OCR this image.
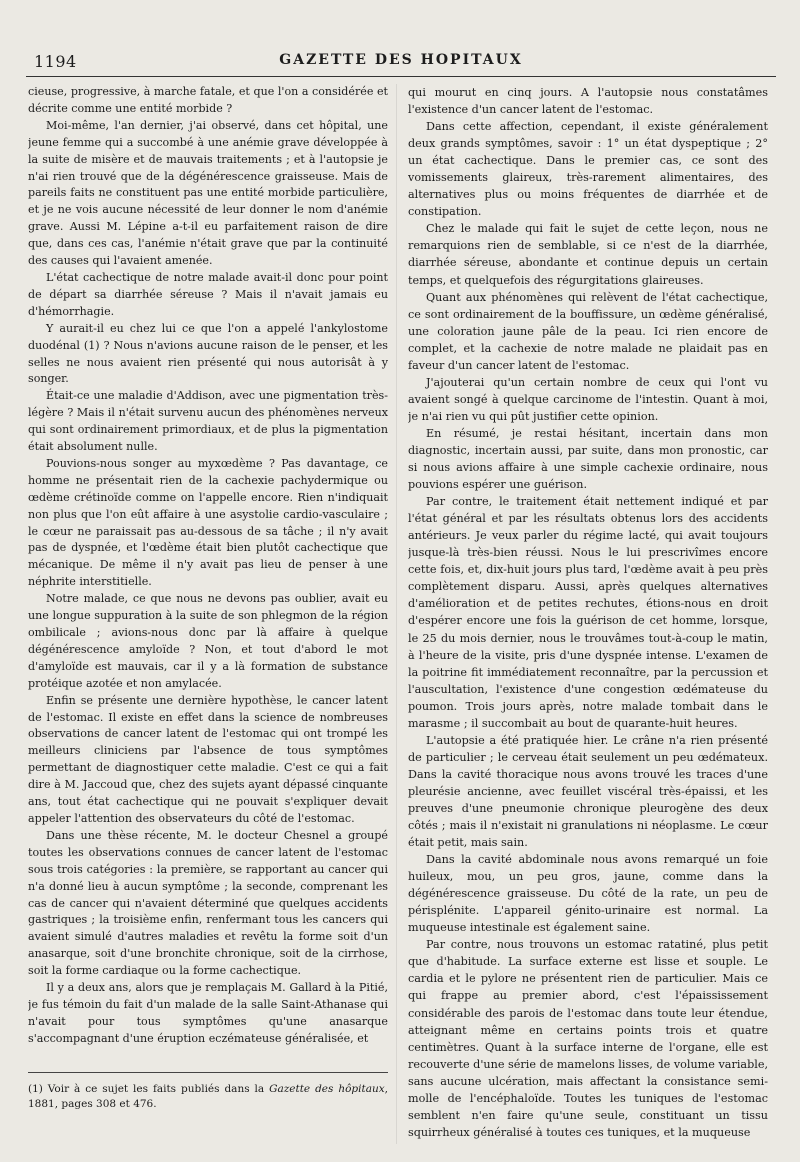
1194	GAZETTE DES HOPITAUX

cieuse, progressive, à marche fatale, et que l'on a considérée et décrite comme une entité morbide ?

Moi-même, l'an dernier, j'ai observé, dans cet hôpital, une jeune femme qui a succombé à une anémie grave développée à la suite de misère et de mauvais traitements ; et à l'autopsie je n'ai rien trouvé que de la dégénérescence graisseuse. Mais de pareils faits ne constituent pas une entité morbide particulière, et je ne vois aucune nécessité de leur donner le nom d'anémie grave. Aussi M. Lépine a-t-il eu parfaitement raison de dire que, dans ces cas, l'anémie n'était grave que par la continuité des causes qui l'avaient amenée.

L'état cachectique de notre malade avait-il donc pour point de départ sa diarrhée séreuse ? Mais il n'avait jamais eu d'hémorrhagie.

Y aurait-il eu chez lui ce que l'on a appelé l'ankylostome duodénal (1) ? Nous n'avions aucune raison de le penser, et les selles ne nous avaient rien présenté qui nous autorisât à y songer.

Était-ce une maladie d'Addison, avec une pigmentation très-légère ? Mais il n'était survenu aucun des phénomènes nerveux qui sont ordinairement primordiaux, et de plus la pigmentation était absolument nulle.

Pouvions-nous songer au myxœdème ? Pas davantage, ce homme ne présentait rien de la cachexie pachydermique ou œdème crétinoïde comme on l'appelle encore. Rien n'indiquait non plus que l'on eût affaire à une asystolie cardio-vasculaire ; le cœur ne paraissait pas au-dessous de sa tâche ; il n'y avait pas de dyspnée, et l'œdème était bien plutôt cachectique que mécanique. De même il n'y avait pas lieu de penser à une néphrite interstitielle.

Notre malade, ce que nous ne devons pas oublier, avait eu une longue suppuration à la suite de son phlegmon de la région ombilicale ; avions-nous donc par là affaire à quelque dégénérescence amyloïde ? Non, et tout d'abord le mot d'amyloïde est mauvais, car il y a là formation de substance protéique azotée et non amylacée.

Enfin se présente une dernière hypothèse, le cancer latent de l'estomac. Il existe en effet dans la science de nombreuses observations de cancer latent de l'estomac qui ont trompé les meilleurs cliniciens par l'absence de tous symptômes permettant de diagnostiquer cette maladie. C'est ce qui a fait dire à M. Jaccoud que, chez des sujets ayant dépassé cinquante ans, tout état cachectique qui ne pouvait s'expliquer devait appeler l'attention des observateurs du côté de l'estomac.

Dans une thèse récente, M. le docteur Chesnel a groupé toutes les observations connues de cancer latent de l'estomac sous trois catégories : la première, se rapportant au cancer qui n'a donné lieu à aucun symptôme ; la seconde, comprenant les cas de cancer qui n'avaient déterminé que quelques accidents gastriques ; la troisième enfin, renfermant tous les cancers qui avaient simulé d'autres maladies et revêtu la forme soit d'un anasarque, soit d'une bronchite chronique, soit de la cirrhose, soit la forme cardiaque ou la forme cachectique.

Il y a deux ans, alors que je remplaçais M. Gallard à la Pitié, je fus témoin du fait d'un malade de la salle Saint-Athanase qui n'avait pour tous symptômes qu'une anasarque s'accompagnant d'une éruption eczémateuse généralisée, et

(1) Voir à ce sujet les faits publiés dans la Gazette des hôpitaux, 1881, pages 308 et 476.

qui mourut en cinq jours. A l'autopsie nous constatâmes l'existence d'un cancer latent de l'estomac.

Dans cette affection, cependant, il existe généralement deux grands symptômes, savoir : 1° un état dyspeptique ; 2° un état cachectique. Dans le premier cas, ce sont des vomissements glaireux, très-rarement alimentaires, des alternatives plus ou moins fréquentes de diarrhée et de constipation.

Chez le malade qui fait le sujet de cette leçon, nous ne remarquions rien de semblable, si ce n'est de la diarrhée, diarrhée séreuse, abondante et continue depuis un certain temps, et quelquefois des régurgitations glaireuses.

Quant aux phénomènes qui relèvent de l'état cachectique, ce sont ordinairement de la bouffissure, un œdème généralisé, une coloration jaune pâle de la peau. Ici rien encore de complet, et la cachexie de notre malade ne plaidait pas en faveur d'un cancer latent de l'estomac.

J'ajouterai qu'un certain nombre de ceux qui l'ont vu avaient songé à quelque carcinome de l'intestin. Quant à moi, je n'ai rien vu qui pût justifier cette opinion.

En résumé, je restai hésitant, incertain dans mon diagnostic, incertain aussi, par suite, dans mon pronostic, car si nous avions affaire à une simple cachexie ordinaire, nous pouvions espérer une guérison.

Par contre, le traitement était nettement indiqué et par l'état général et par les résultats obtenus lors des accidents antérieurs. Je veux parler du régime lacté, qui avait toujours jusque-là très-bien réussi. Nous le lui prescrivîmes encore cette fois, et, dix-huit jours plus tard, l'œdème avait à peu près complètement disparu. Aussi, après quelques alternatives d'amélioration et de petites rechutes, étions-nous en droit d'espérer encore une fois la guérison de cet homme, lorsque, le 25 du mois dernier, nous le trouvâmes tout-à-coup le matin, à l'heure de la visite, pris d'une dyspnée intense. L'examen de la poitrine fit immédiatement reconnaître, par la percussion et l'auscultation, l'existence d'une congestion œdémateuse du poumon. Trois jours après, notre malade tombait dans le marasme ; il succombait au bout de quarante-huit heures.

L'autopsie a été pratiquée hier. Le crâne n'a rien présenté de particulier ; le cerveau était seulement un peu œdémateux. Dans la cavité thoracique nous avons trouvé les traces d'une pleurésie ancienne, avec feuillet viscéral très-épaissi, et les preuves d'une pneumonie chronique pleurogène des deux côtés ; mais il n'existait ni granulations ni néoplasme. Le cœur était petit, mais sain.

Dans la cavité abdominale nous avons remarqué un foie huileux, mou, un peu gros, jaune, comme dans la dégénérescence graisseuse. Du côté de la rate, un peu de périsplénite. L'appareil génito-urinaire est normal. La muqueuse intestinale est également saine.

Par contre, nous trouvons un estomac ratatiné, plus petit que d'habitude. La surface externe est lisse et souple. Le cardia et le pylore ne présentent rien de particulier. Mais ce qui frappe au premier abord, c'est l'épaississement considérable des parois de l'estomac dans toute leur étendue, atteignant même en certains points trois et quatre centimètres. Quant à la surface interne de l'organe, elle est recouverte d'une série de mamelons lisses, de volume variable, sans aucune ulcération, mais affectant la consistance semi-molle de l'encéphaloïde. Toutes les tuniques de l'estomac semblent n'en faire qu'une seule, constituant un tissu squirrheux généralisé à toutes ces tuniques, et la muqueuse
